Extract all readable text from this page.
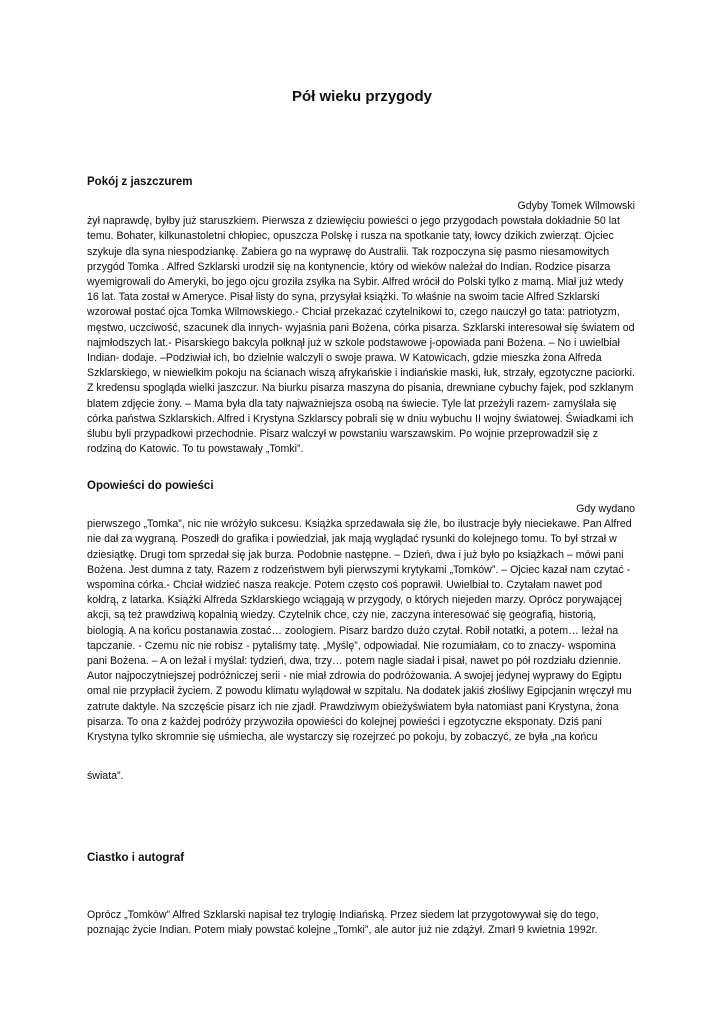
Pół wieku przygody
Pokój z jaszczurem
Gdyby Tomek Wilmowski

żył naprawdę, byłby już staruszkiem. Pierwsza z dziewięciu powieści o jego przygodach powstała dokładnie 50 lat temu. Bohater, kilkunastoletni chłopiec, opuszcza Polskę i rusza na spotkanie taty, łowcy dzikich zwierząt. Ojciec szykuje dla syna niespodziankę. Zabiera go na wyprawę do Australii. Tak rozpoczyna się pasmo niesamowitych przygód Tomka . Alfred Szklarski urodził się na kontynencie, który od wieków należał do Indian. Rodzice pisarza wyemigrowali do Ameryki, bo jego ojcu groziła zsyłka na Sybir. Alfred wrócił do Polski tylko z mamą. Miał już wtedy 16 lat. Tata został w Ameryce. Pisał listy do syna, przysyłał książki. To właśnie na swoim tacie Alfred Szklarski wzorował postać ojca Tomka Wilmowskiego.- Chciał przekazać czytelnikowi to, czego nauczył go tata: patriotyzm, męstwo, uczciwość, szacunek dla innych- wyjaśnia pani Bożena, córka pisarza. Szklarski interesował się światem od najmłodszych lat.- Pisarskiego bakcyla połknął już w szkole podstawowe j-opowiada pani Bożena. – No i uwielbiał Indian- dodaje. –Podziwiał ich, bo dzielnie walczyli o swoje prawa. W Katowicach, gdzie mieszka żona Alfreda Szklarskiego, w niewielkim pokoju na ścianach wiszą afrykańskie i indiańskie maski, łuk, strzały, egzotyczne paciorki. Z kredensu spogląda wielki jaszczur. Na biurku pisarza maszyna do pisania, drewniane cybuchy fajek, pod szklanym blatem zdjęcie żony. – Mama była dla taty najważniejsza osobą na świecie. Tyle lat przeżyli razem- zamyślała się córka państwa Szklarskich. Alfred i Krystyna Szklarscy pobrali się w dniu wybuchu II wojny światowej. Świadkami ich ślubu byli przypadkowi przechodnie. Pisarz walczył w powstaniu warszawskim. Po wojnie przeprowadził się z rodziną do Katowic. To tu powstawały „Tomki”.

Opowieści do powieści
Gdy wydano

pierwszego „Tomka”, nic nie wróżyło sukcesu. Książka sprzedawała się źle, bo ilustracje były nieciekawe. Pan Alfred nie dał za wygraną. Poszedł do grafika i powiedział, jak mają wyglądać rysunki do kolejnego tomu. To był strzał w dziesiątkę. Drugi tom sprzedał się jak burza. Podobnie następne. – Dzień, dwa i już było po książkach – mówi pani Bożena. Jest dumna z taty. Razem z rodzeństwem byli pierwszymi krytykami „Tomków”. – Ojciec kazał nam czytać - wspomina córka.- Chciał widzieć nasza reakcje. Potem często coś poprawił. Uwielbiał to. Czytałam nawet pod kołdrą, z latarka. Książki Alfreda Szklarskiego wciągają w przygody, o których niejeden marzy. Oprócz porywającej akcji, są też prawdziwą kopalnią wiedzy. Czytelnik chce, czy nie, zaczyna interesować się geografią, historią, biologią. A na końcu postanawia zostać… zoologiem. Pisarz bardzo dużo czytał. Robił notatki, a potem… leżał na tapczanie. - Czemu nic nie robisz - pytaliśmy tatę. „Myślę”, odpowiadał. Nie rozumiałam, co to znaczy- wspomina pani Bożena. – A on leżał i myślał: tydzień, dwa, trzy… potem nagle siadał i pisał, nawet po pół rozdziału dziennie. Autor najpoczytniejszej podróżniczej serii - nie miał zdrowia do podróżowania. A swojej jedynej wyprawy do Egiptu omal nie przypłacił życiem. Z powodu klimatu wylądował w szpitalu. Na dodatek jakiś złośliwy Egipcjanin wręczył mu zatrute daktyle. Na szczęście pisarz ich nie zjadł. Prawdziwym obieżyświatem była natomiast pani Krystyna, żona pisarza. To ona z każdej podróży przywoziła opowieści do kolejnej powieści i egzotyczne eksponaty. Dziś pani Krystyna tylko skromnie się uśmiecha, ale wystarczy się rozejrzeć po pokoju, by zobaczyć, ze była „na końcu

świata”.

Ciastko i autograf

Oprócz „Tomków” Alfred Szklarski napisał tez trylogię Indiańską. Przez siedem lat przygotowywał się do tego, poznając życie Indian. Potem miały powstać kolejne „Tomki”, ale autor już nie zdążył. Zmarł 9 kwietnia 1992r.
